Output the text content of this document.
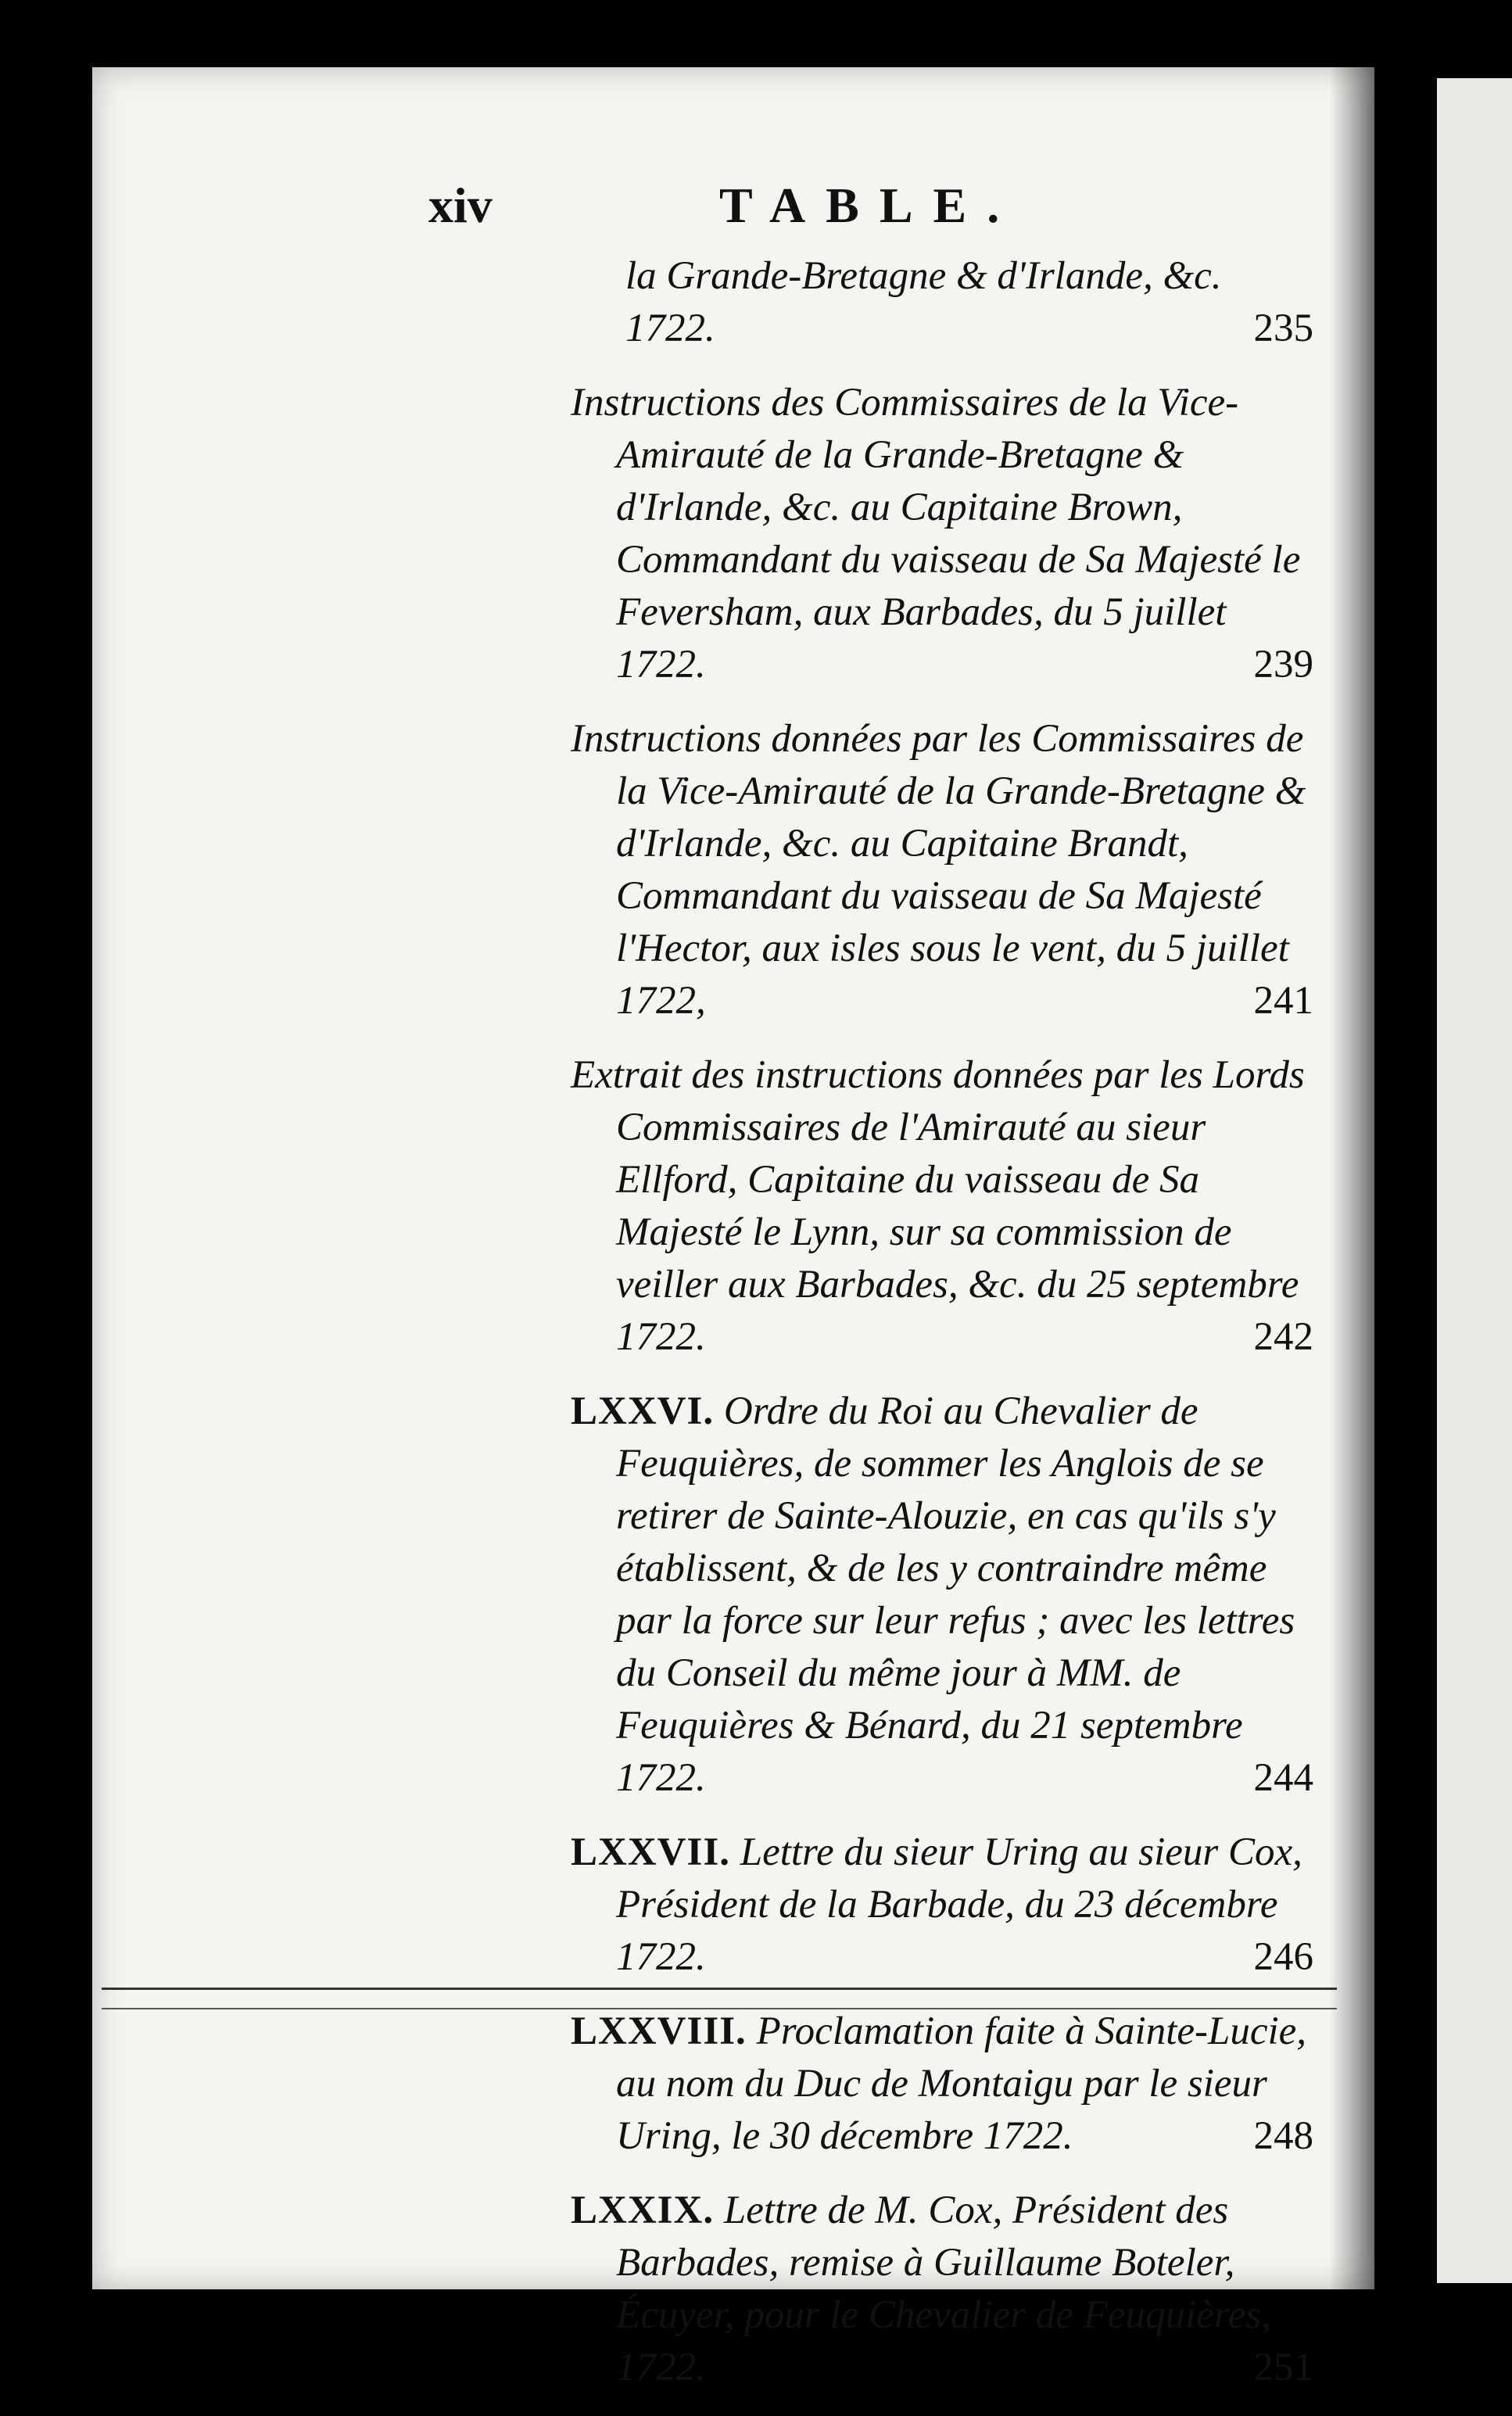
xiv	TABLE.
la Grande-Bretagne & d'Irlande, &c. 1722.	235
Instructions des Commissaires de la Vice-Amirauté de la Grande-Bretagne & d'Irlande, &c. au Capitaine Brown, Commandant du vaisseau de Sa Majesté le Feversham, aux Barbades, du 5 juillet 1722.	239
Instructions données par les Commissaires de la Vice-Amirauté de la Grande-Bretagne & d'Irlande, &c. au Capitaine Brandt, Commandant du vaisseau de Sa Majesté l'Hector, aux isles sous le vent, du 5 juillet 1722,	241
Extrait des instructions données par les Lords Commissaires de l'Amirauté au sieur Ellford, Capitaine du vaisseau de Sa Majesté le Lynn, sur sa commission de veiller aux Barbades, &c. du 25 septembre 1722.	242
LXXVI. Ordre du Roi au Chevalier de Feuquières, de sommer les Anglois de se retirer de Sainte-Alouzie, en cas qu'ils s'y établissent, & de les y contraindre même par la force sur leur refus ; avec les lettres du Conseil du même jour à MM. de Feuquières & Bénard, du 21 septembre 1722.	244
LXXVII. Lettre du sieur Uring au sieur Cox, Président de la Barbade, du 23 décembre 1722.	246
LXXVIII. Proclamation faite à Sainte-Lucie, au nom du Duc de Montaigu par le sieur Uring, le 30 décembre 1722.	248
LXXIX. Lettre de M. Cox, Président des Barbades, remise à Guillaume Boteler, Écuyer, pour le Chevalier de Feuquières, 1722.	251
